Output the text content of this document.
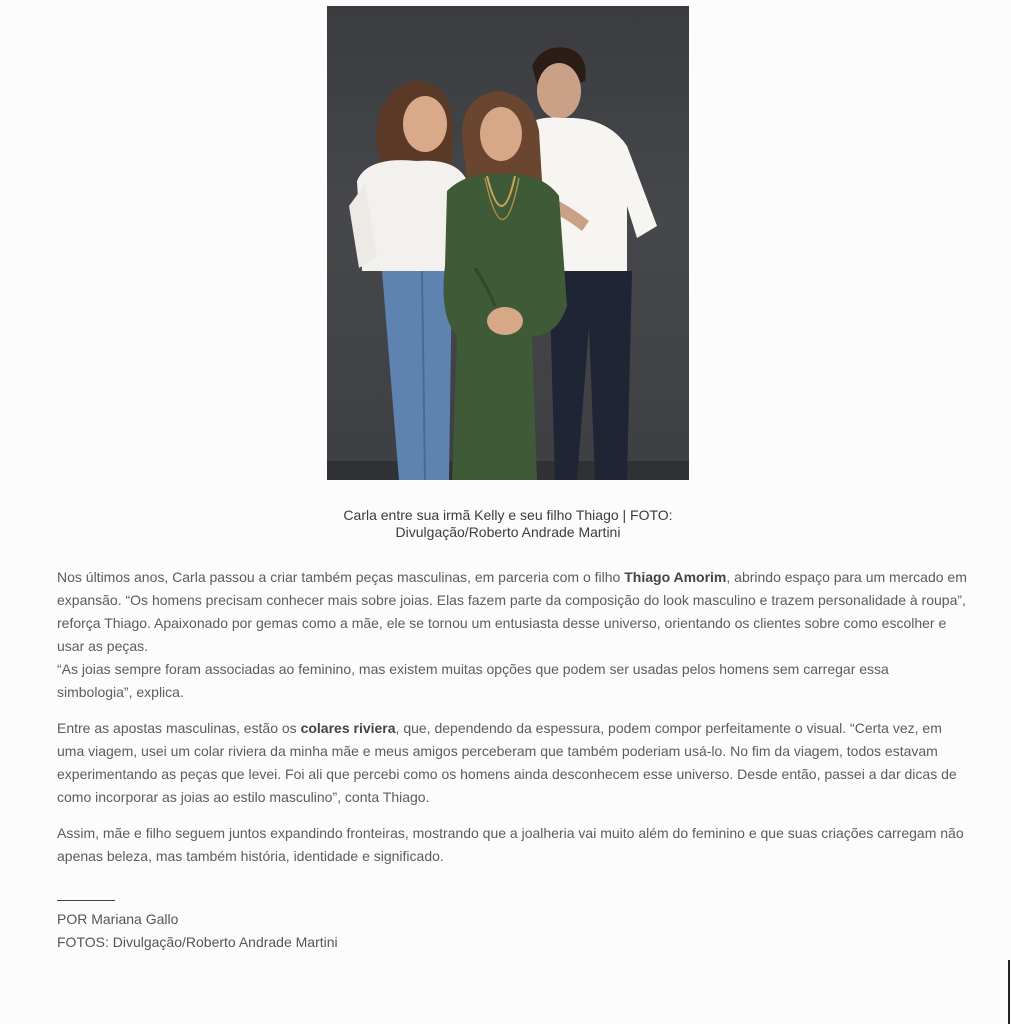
Carla entre sua irmã Kelly e seu filho Thiago | FOTO:
Divulgação/Roberto Andrade Martini

Nos últimos anos, Carla passou a criar também peças masculinas, em parceria com o filho Thiago Amorim, abrindo espaço para um mercado em expansão. “Os homens precisam conhecer mais sobre joias. Elas fazem parte da composição do look masculino e trazem personalidade à roupa”, reforça Thiago. Apaixonado por gemas como a mãe, ele se tornou um entusiasta desse universo, orientando os clientes sobre como escolher e usar as peças.
“As joias sempre foram associadas ao feminino, mas existem muitas opções que podem ser usadas pelos homens sem carregar essa simbologia”, explica.

Entre as apostas masculinas, estão os colares riviera, que, dependendo da espessura, podem compor perfeitamente o visual. “Certa vez, em uma viagem, usei um colar riviera da minha mãe e meus amigos perceberam que também poderiam usá-lo. No fim da viagem, todos estavam experimentando as peças que levei. Foi ali que percebi como os homens ainda desconhecem esse universo. Desde então, passei a dar dicas de como incorporar as joias ao estilo masculino”, conta Thiago.

Assim, mãe e filho seguem juntos expandindo fronteiras, mostrando que a joalheria vai muito além do feminino e que suas criações carregam não apenas beleza, mas também história, identidade e significado.

POR Mariana Gallo
FOTOS: Divulgação/Roberto Andrade Martini
